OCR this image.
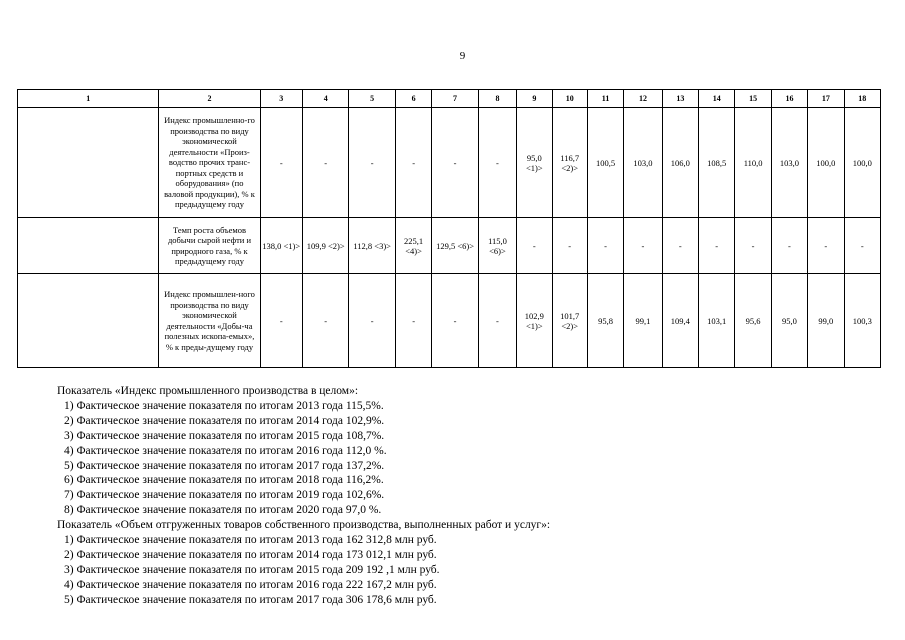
9
1	2	3	4	5	6	7	8	9	10	11	12	13	14	15	16	17	18
	Индекс промышленно-го производства по виду экономической деятельности «Произ-водство прочих транс-портных средств и оборудования» (по валовой продукции), % к предыдущему году	-	-	-	-	-	-	95,0 <1)>	116,7 <2)>	100,5	103,0	106,0	108,5	110,0	103,0	100,0	100,0
	Темп роста объемов добычи сырой нефти и природного газа, % к предыдущему году	138,0 <1)>	109,9 <2)>	112,8 <3)>	225,1 <4)>	129,5 <6)>	115,0 <6)>	-	-	-	-	-	-	-	-	-	-
	Индекс промышлен-ного производства по виду экономической деятельности «Добы-ча полезных ископа-емых», % к преды-дущему году	-	-	-	-	-	-	102,9 <1)>	101,7 <2)>	95,8	99,1	109,4	103,1	95,6	95,0	99,0	100,3
Показатель «Индекс промышленного производства в целом»:
1) Фактическое значение показателя по итогам 2013 года 115,5%.
2) Фактическое значение показателя по итогам 2014 года 102,9%.
3) Фактическое значение показателя по итогам 2015 года 108,7%.
4) Фактическое значение показателя по итогам 2016 года 112,0 %.
5) Фактическое значение показателя по итогам 2017 года 137,2%.
6) Фактическое значение показателя по итогам 2018 года 116,2%.
7) Фактическое значение показателя по итогам 2019 года 102,6%.
8) Фактическое значение показателя по итогам 2020 года 97,0 %.
Показатель «Объем отгруженных товаров собственного производства, выполненных работ и услуг»:
1) Фактическое значение показателя по итогам 2013 года 162 312,8 млн руб.
2) Фактическое значение показателя по итогам 2014 года 173 012,1 млн руб.
3) Фактическое значение показателя по итогам 2015 года 209 192 ,1 млн руб.
4) Фактическое значение показателя по итогам 2016 года 222 167,2 млн руб.
5) Фактическое значение показателя по итогам 2017 года 306 178,6 млн руб.
